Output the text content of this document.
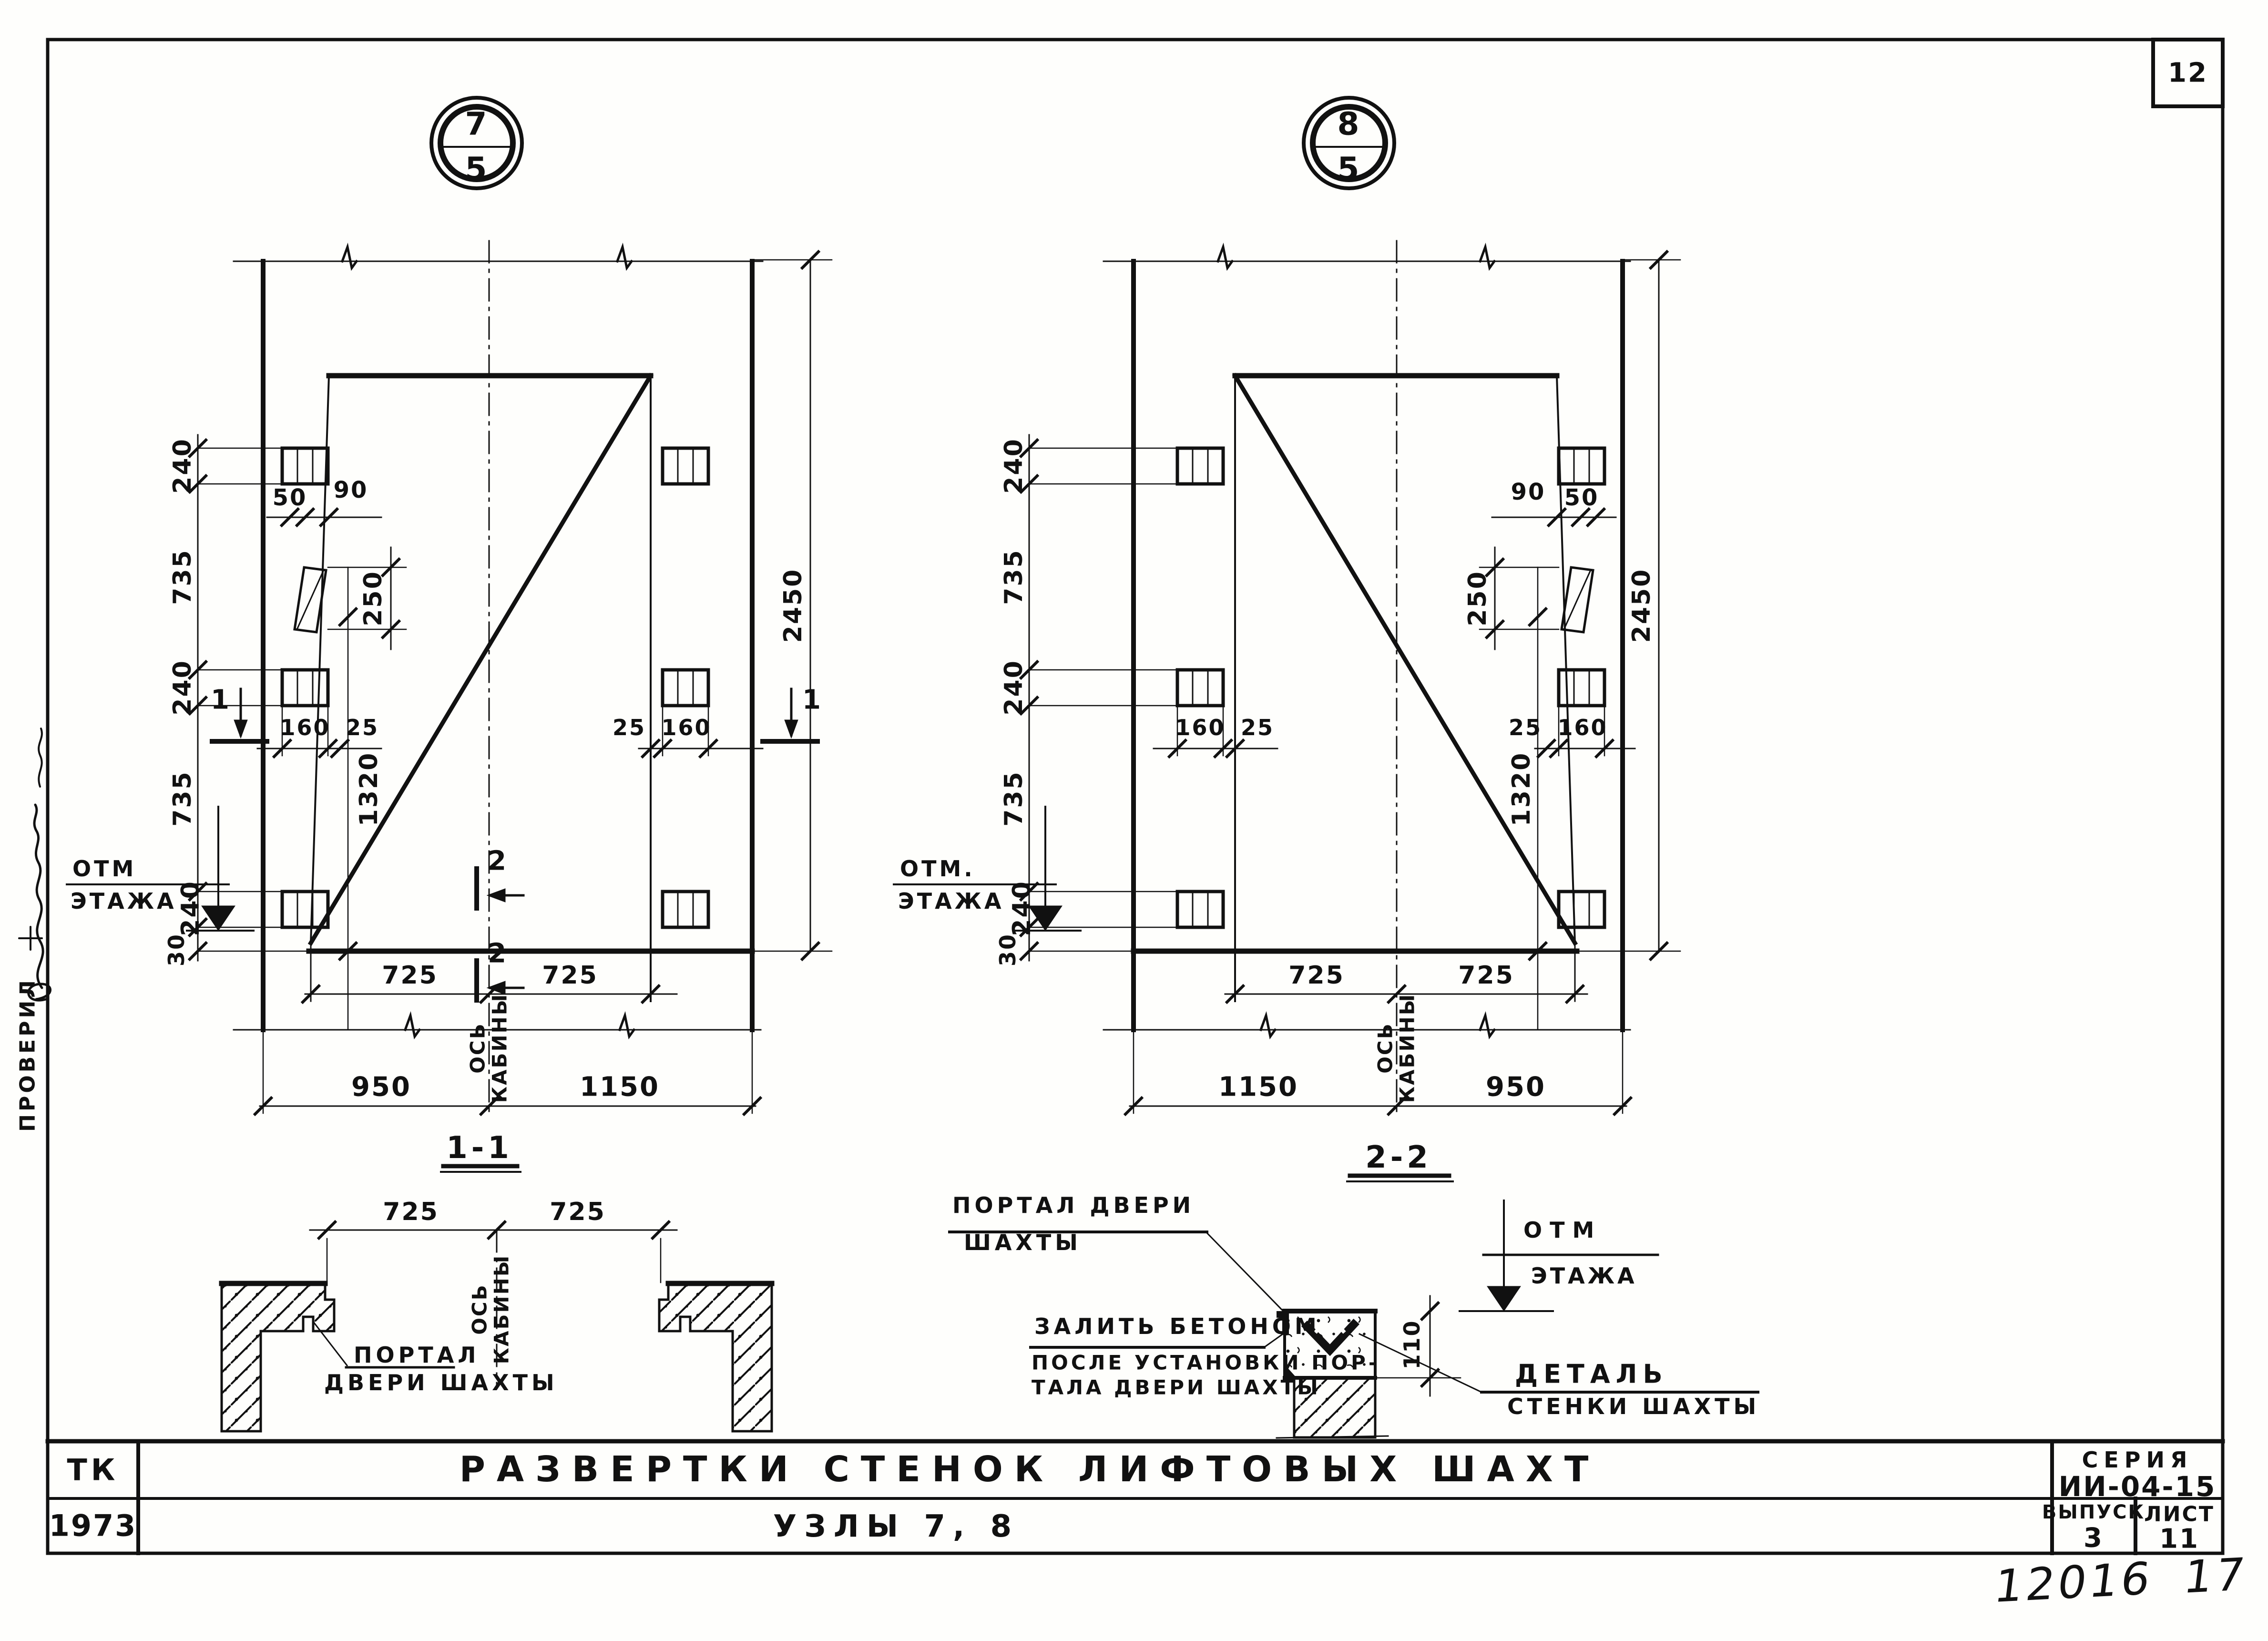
12
ТК
1973
РАЗВЕРТКИ СТЕНОК ЛИФТОВЫХ ШАХТ
УЗЛЫ 7, 8
СЕРИЯ
ИИ-04-15
ВЫПУСК
3
ЛИСТ
11
12016 17
ПРОВЕРИЛ
7
5
240
735
240
735
240
30
50 90
250
1320
160 25	25 160
2450
725	725
950	1150
ОСЬ
КАБИНЫ
ОТМ
ЭТАЖА
1	1
2
2
8
5
240
735
240
735
240
30
90 50
250
1320
160 25	25 160
2450
725	725
1150	950
ОСЬ
КАБИНЫ
ОТМ.
ЭТАЖА
1-1
725	725
ОСЬ
КАБИНЫ
ПОРТАЛ
ДВЕРИ ШАХТЫ
2-2
ПОРТАЛ ДВЕРИ
ШАХТЫ
ЗАЛИТЬ БЕТОНОМ
ПОСЛЕ УСТАНОВКИ ПОР-
ТАЛА ДВЕРИ ШАХТЫ
ОТМ
ЭТАЖА
110
ДЕТАЛЬ
СТЕНКИ ШАХТЫ
